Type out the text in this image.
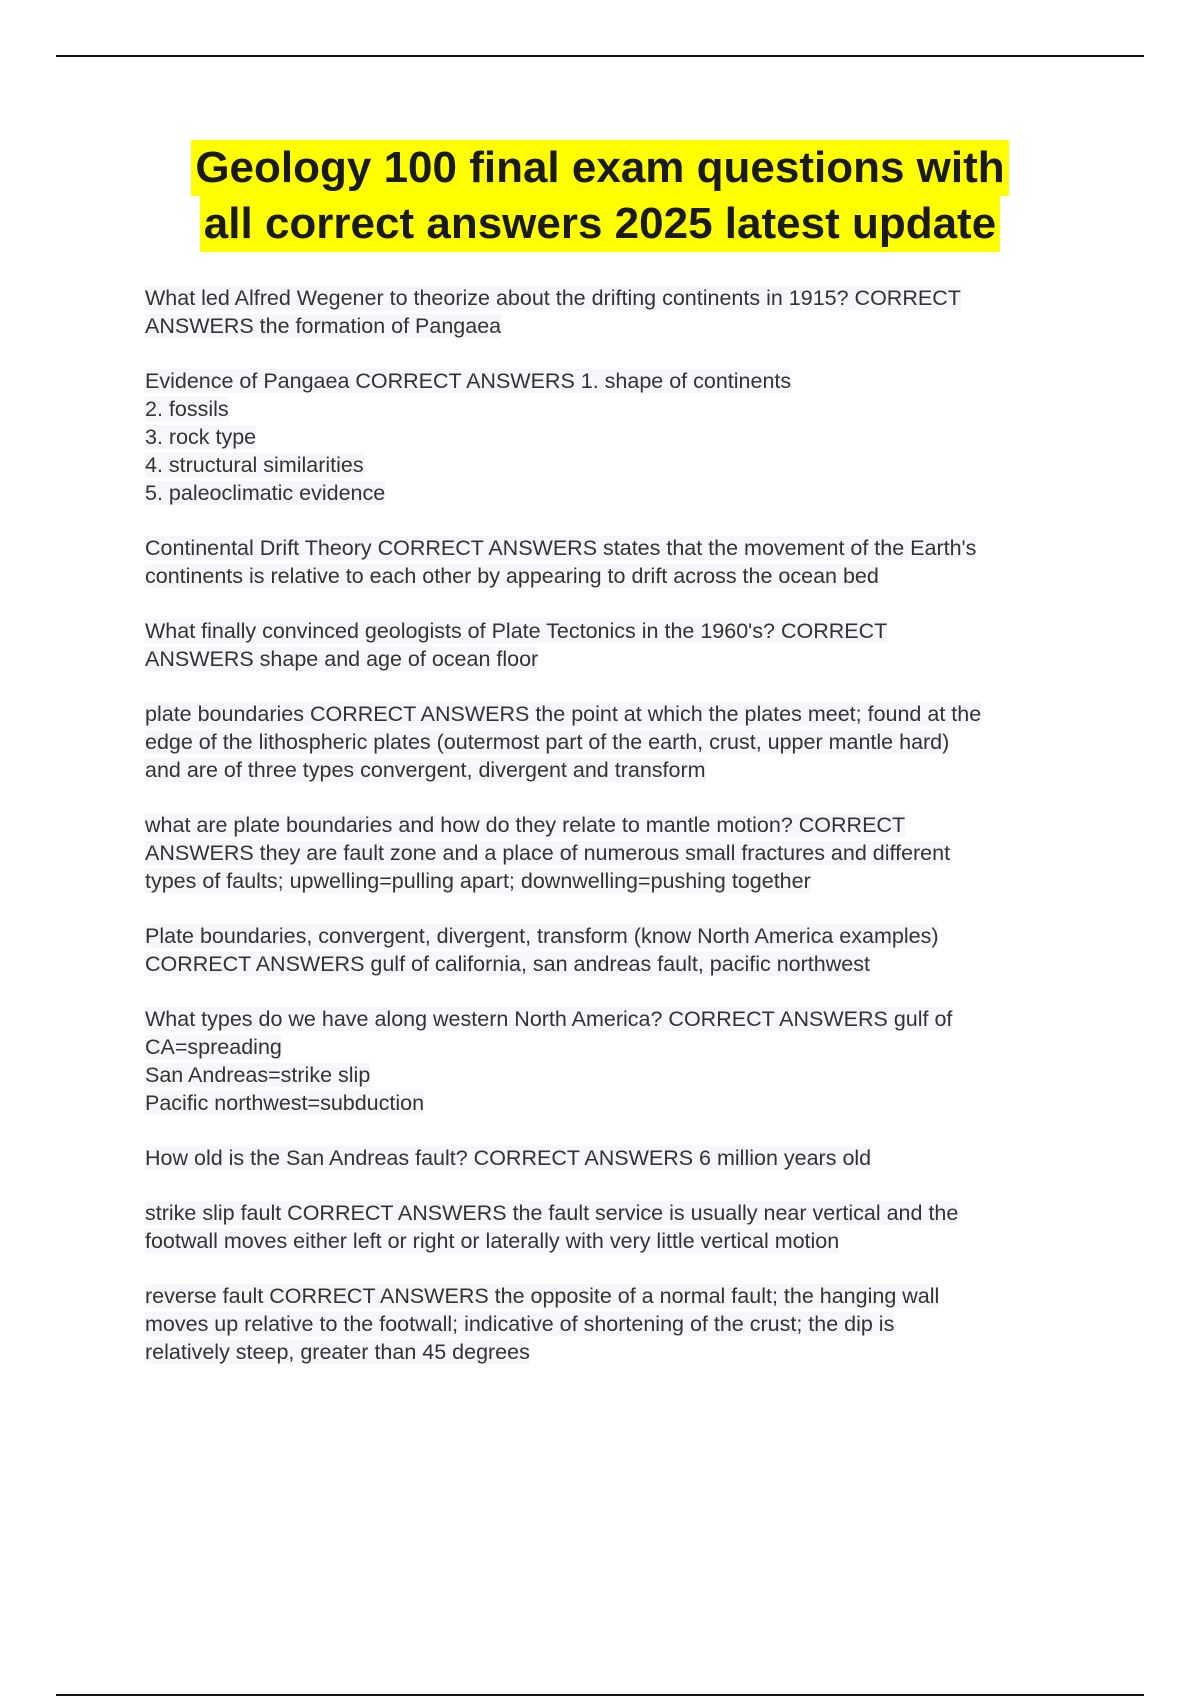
Geology 100 final exam questions with
all correct answers 2025 latest update

What led Alfred Wegener to theorize about the drifting continents in 1915? CORRECT
ANSWERS the formation of Pangaea

Evidence of Pangaea CORRECT ANSWERS 1. shape of continents
2. fossils
3. rock type
4. structural similarities
5. paleoclimatic evidence

Continental Drift Theory CORRECT ANSWERS states that the movement of the Earth's
continents is relative to each other by appearing to drift across the ocean bed

What finally convinced geologists of Plate Tectonics in the 1960's? CORRECT
ANSWERS shape and age of ocean floor

plate boundaries CORRECT ANSWERS the point at which the plates meet; found at the
edge of the lithospheric plates (outermost part of the earth, crust, upper mantle hard)
and are of three types convergent, divergent and transform

what are plate boundaries and how do they relate to mantle motion? CORRECT
ANSWERS they are fault zone and a place of numerous small fractures and different
types of faults; upwelling=pulling apart; downwelling=pushing together

Plate boundaries, convergent, divergent, transform (know North America examples)
CORRECT ANSWERS gulf of california, san andreas fault, pacific northwest

What types do we have along western North America? CORRECT ANSWERS gulf of
CA=spreading
San Andreas=strike slip
Pacific northwest=subduction

How old is the San Andreas fault? CORRECT ANSWERS 6 million years old

strike slip fault CORRECT ANSWERS the fault service is usually near vertical and the
footwall moves either left or right or laterally with very little vertical motion

reverse fault CORRECT ANSWERS the opposite of a normal fault; the hanging wall
moves up relative to the footwall; indicative of shortening of the crust; the dip is
relatively steep, greater than 45 degrees
